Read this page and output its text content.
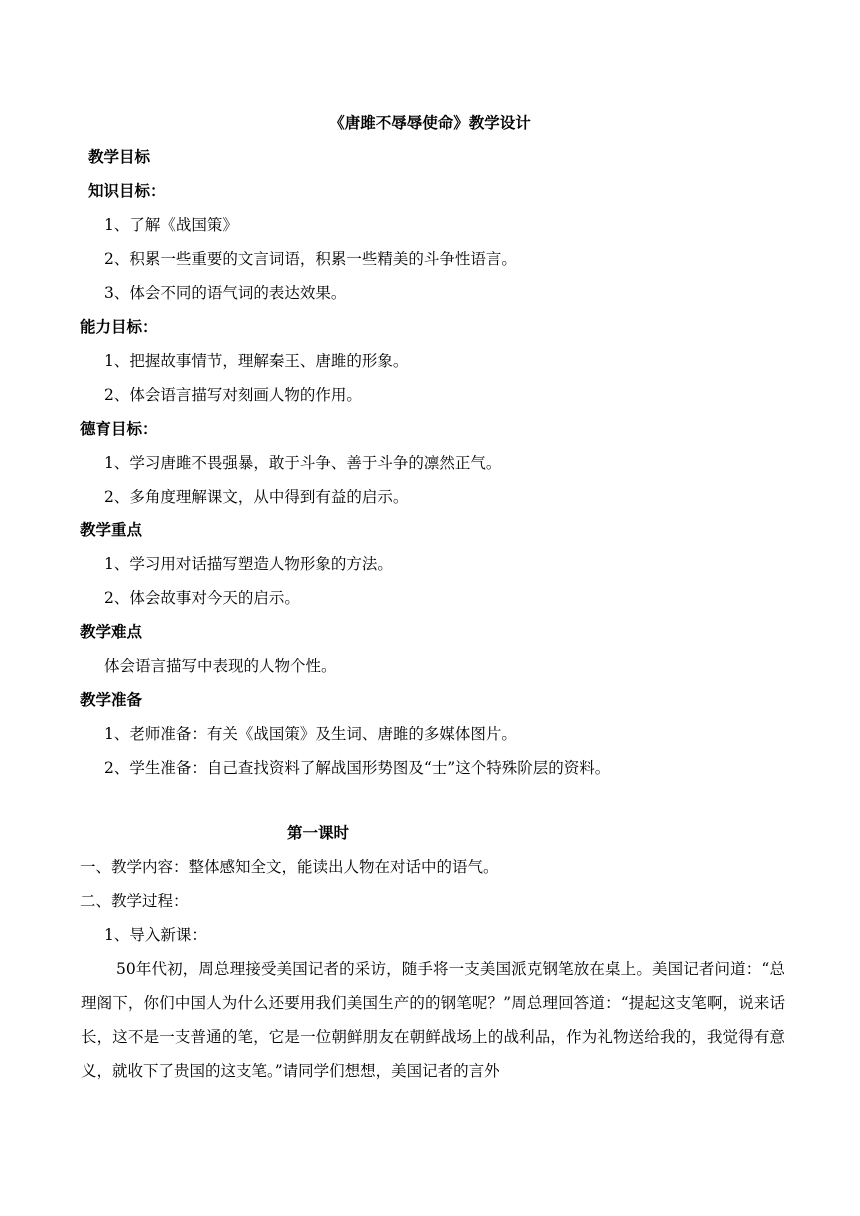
《唐雎不辱辱使命》教学设计
教学目标
知识目标：
1、了解《战国策》
2、积累一些重要的文言词语，积累一些精美的斗争性语言。
3、体会不同的语气词的表达效果。
能力目标：
1、把握故事情节，理解秦王、唐雎的形象。
2、体会语言描写对刻画人物的作用。
德育目标：
1、学习唐雎不畏强暴，敢于斗争、善于斗争的凛然正气。
2、多角度理解课文，从中得到有益的启示。
教学重点
1、学习用对话描写塑造人物形象的方法。
2、体会故事对今天的启示。
教学难点
体会语言描写中表现的人物个性。
教学准备
1、老师准备：有关《战国策》及生词、唐雎的多媒体图片。
2、学生准备：自己查找资料了解战国形势图及“士”这个特殊阶层的资料。
第一课时
一、教学内容：整体感知全文，能读出人物在对话中的语气。
二、教学过程：
1、导入新课：
50年代初，周总理接受美国记者的采访，随手将一支美国派克钢笔放在桌上。美国记者问道：“总理阁下，你们中国人为什么还要用我们美国生产的的钢笔呢？”周总理回答道：“提起这支笔啊，说来话长，这不是一支普通的笔，它是一位朝鲜朋友在朝鲜战场上的战利品，作为礼物送给我的，我觉得有意义，就收下了贵国的这支笔。”请同学们想想，美国记者的言外
